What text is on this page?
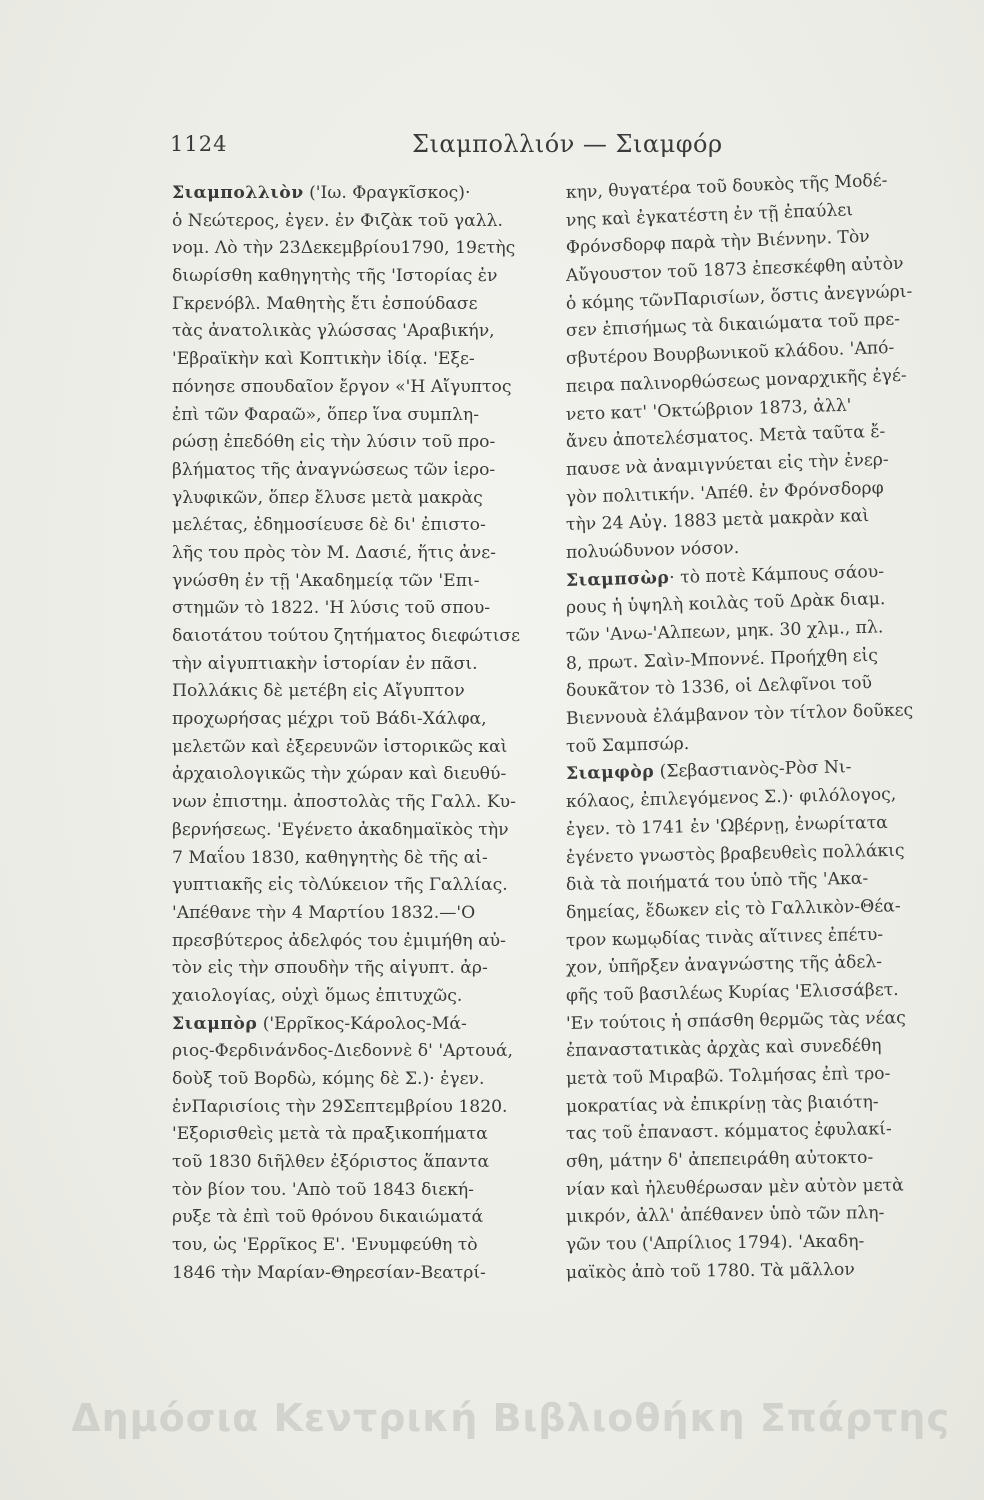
1124	Σιαμπολλιόν — Σιαμφόρ
Σιαμπολλιὸν ('Ιω. Φραγκῖσκος)·
ὁ Νεώτερος, ἐγεν. ἐν Φιζὰκ τοῦ γαλλ.
νομ. Λὸ τὴν 23Δεκεμβρίου1790, 19ετὴς
διωρίσθη καθηγητὴς τῆς 'Ιστορίας ἐν
Γκρενόβλ. Μαθητὴς ἔτι ἐσπούδασε
τὰς ἀνατολικὰς γλώσσας 'Αραβικήν,
'Εβραϊκὴν καὶ Κοπτικὴν ἰδίᾳ. 'Εξε-
πόνησε σπουδαῖον ἔργον «'Η Αἴγυπτος
ἐπὶ τῶν Φαραῶ», ὅπερ ἵνα συμπλη-
ρώσῃ ἐπεδόθη εἰς τὴν λύσιν τοῦ προ-
βλήματος τῆς ἀναγνώσεως τῶν ἱερο-
γλυφικῶν, ὅπερ ἔλυσε μετὰ μακρὰς
μελέτας, ἐδημοσίευσε δὲ δι' ἐπιστο-
λῆς του πρὸς τὸν Μ. Δασιέ, ἥτις ἀνε-
γνώσθη ἐν τῇ 'Ακαδημείᾳ τῶν 'Επι-
στημῶν τὸ 1822. 'Η λύσις τοῦ σπου-
δαιοτάτου τούτου ζητήματος διεφώτισε
τὴν αἰγυπτιακὴν ἱστορίαν ἐν πᾶσι.
Πολλάκις δὲ μετέβη εἰς Αἴγυπτον
προχωρήσας μέχρι τοῦ Βάδι-Χάλφα,
μελετῶν καὶ ἐξερευνῶν ἱστορικῶς καὶ
ἀρχαιολογικῶς τὴν χώραν καὶ διευθύ-
νων ἐπιστημ. ἀποστολὰς τῆς Γαλλ. Κυ-
βερνήσεως. 'Εγένετο ἀκαδημαϊκὸς τὴν
7 Μαΐου 1830, καθηγητὴς δὲ τῆς αἰ-
γυπτιακῆς εἰς τὸΛύκειον τῆς Γαλλίας.
'Απέθανε τὴν 4 Μαρτίου 1832.—'Ο
πρεσβύτερος ἀδελφός του ἐμιμήθη αὐ-
τὸν εἰς τὴν σπουδὴν τῆς αἰγυπτ. ἀρ-
χαιολογίας, οὐχὶ ὅμως ἐπιτυχῶς.
Σιαμπὸρ ('Ερρῖκος-Κάρολος-Μά-
ριος-Φερδινάνδος-Διεδοννὲ δ' 'Αρτουά,
δοὺξ τοῦ Βορδὼ, κόμης δὲ Σ.)· ἐγεν.
ἐνΠαρισίοις τὴν 29Σεπτεμβρίου 1820.
'Εξορισθεὶς μετὰ τὰ πραξικοπήματα
τοῦ 1830 διῆλθεν ἐξόριστος ἅπαντα
τὸν βίον του. 'Απὸ τοῦ 1843 διεκή-
ρυξε τὰ ἐπὶ τοῦ θρόνου δικαιώματά
του, ὡς 'Ερρῖκος Ε'. 'Ενυμφεύθη τὸ
1846 τὴν Μαρίαν-Θηρεσίαν-Βεατρί-
κην, θυγατέρα τοῦ δουκὸς τῆς Μοδέ-
νης καὶ ἐγκατέστη ἐν τῇ ἐπαύλει
Φρόνσδορφ παρὰ τὴν Βιέννην. Τὸν
Αὔγουστον τοῦ 1873 ἐπεσκέφθη αὐτὸν
ὁ κόμης τῶνΠαρισίων, ὅστις ἀνεγνώρι-
σεν ἐπισήμως τὰ δικαιώματα τοῦ πρε-
σβυτέρου Βουρβωνικοῦ κλάδου. 'Από-
πειρα παλινορθώσεως μοναρχικῆς ἐγέ-
νετο κατ' 'Οκτώβριον 1873, ἀλλ'
ἄνευ ἀποτελέσματος. Μετὰ ταῦτα ἔ-
παυσε νὰ ἀναμιγνύεται εἰς τὴν ἐνερ-
γὸν πολιτικήν. 'Απέθ. ἐν Φρόνσδορφ
τὴν 24 Αὐγ. 1883 μετὰ μακρὰν καὶ
πολυώδυνον νόσον.
Σιαμπσὼρ· τὸ ποτὲ Κάμπους σάου-
ρους ἡ ὑψηλὴ κοιλὰς τοῦ Δρὰκ διαμ.
τῶν 'Ανω-'Αλπεων, μηκ. 30 χλμ., πλ.
8, πρωτ. Σαὶν-Μποννέ. Προήχθη εἰς
δουκᾶτον τὸ 1336, οἱ Δελφῖνοι τοῦ
Βιεννουὰ ἐλάμβανον τὸν τίτλον δοῦκες
τοῦ Σαμπσώρ.
Σιαμφὸρ (Σεβαστιανὸς-Ρὸσ Νι-
κόλαος, ἐπιλεγόμενος Σ.)· φιλόλογος,
ἐγεν. τὸ 1741 ἐν 'Ωβέρνῃ, ἐνωρίτατα
ἐγένετο γνωστὸς βραβευθεὶς πολλάκις
διὰ τὰ ποιήματά του ὑπὸ τῆς 'Ακα-
δημείας, ἔδωκεν εἰς τὸ Γαλλικὸν-Θέα-
τρον κωμῳδίας τινὰς αἵτινες ἐπέτυ-
χον, ὑπῆρξεν ἀναγνώστης τῆς ἀδελ-
φῆς τοῦ βασιλέως Κυρίας 'Ελισσάβετ.
'Εν τούτοις ἡ σπάσθη θερμῶς τὰς νέας
ἐπαναστατικὰς ἀρχὰς καὶ συνεδέθη
μετὰ τοῦ Μιραβῶ. Τολμήσας ἐπὶ τρο-
μοκρατίας νὰ ἐπικρίνῃ τὰς βιαιότη-
τας τοῦ ἐπαναστ. κόμματος ἐφυλακί-
σθη, μάτην δ' ἀπεπειράθη αὐτοκτο-
νίαν καὶ ἠλευθέρωσαν μὲν αὐτὸν μετὰ
μικρόν, ἀλλ' ἀπέθανεν ὑπὸ τῶν πλη-
γῶν του ('Απρίλιος 1794). 'Ακαδη-
μαϊκὸς ἀπὸ τοῦ 1780. Τὰ μᾶλλον
Δημόσια Κεντρική Βιβλιοθήκη Σπάρτης
